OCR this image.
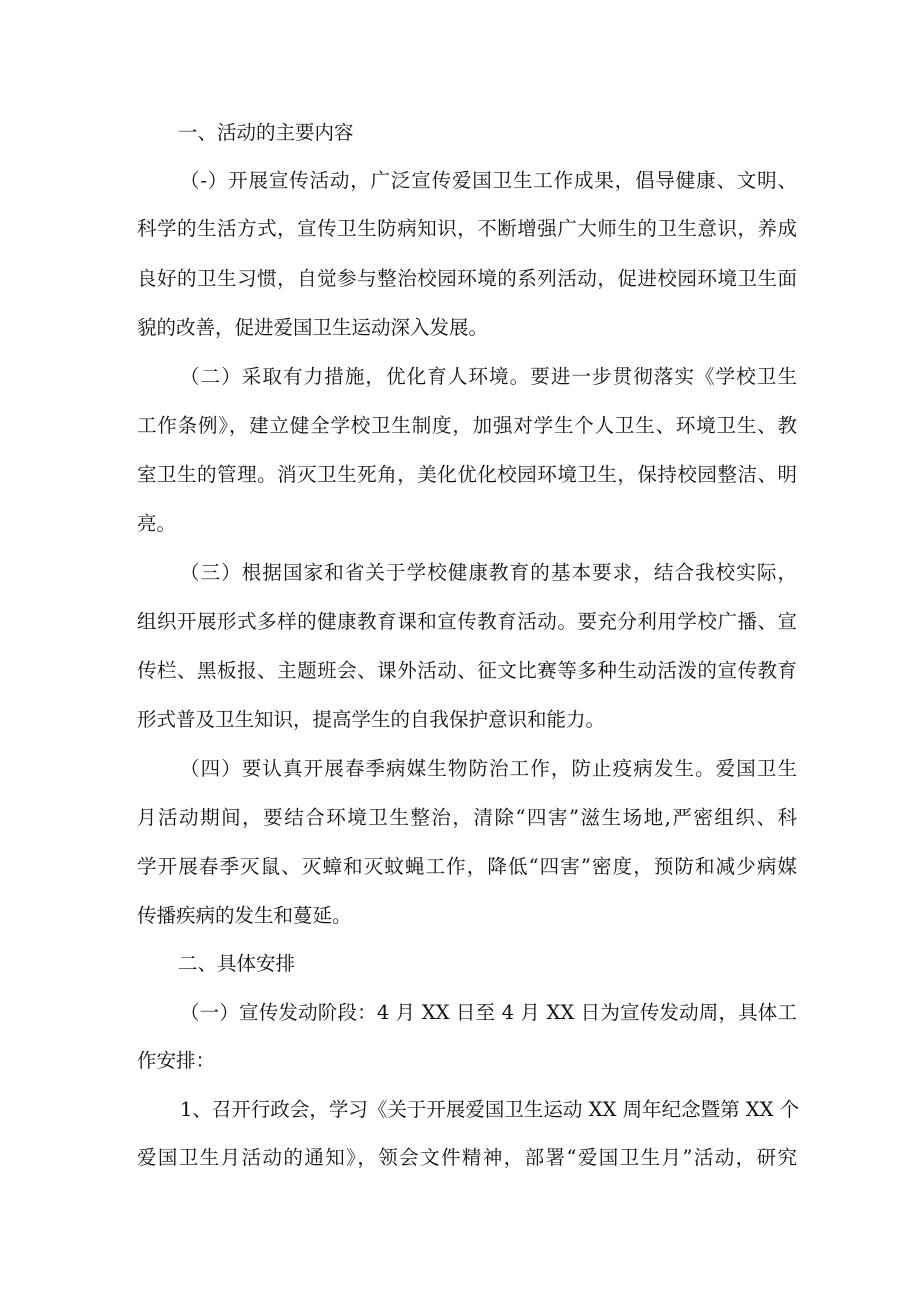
一、活动的主要内容
（-）开展宣传活动，广泛宣传爱国卫生工作成果，倡导健康、文明、
科学的生活方式，宣传卫生防病知识，不断增强广大师生的卫生意识，养成
良好的卫生习惯，自觉参与整治校园环境的系列活动，促进校园环境卫生面
貌的改善，促进爱国卫生运动深入发展。
（二）采取有力措施，优化育人环境。要进一步贯彻落实《学校卫生
工作条例》，建立健全学校卫生制度，加强对学生个人卫生、环境卫生、教
室卫生的管理。消灭卫生死角，美化优化校园环境卫生，保持校园整洁、明
亮。
（三）根据国家和省关于学校健康教育的基本要求，结合我校实际，
组织开展形式多样的健康教育课和宣传教育活动。要充分利用学校广播、宣
传栏、黑板报、主题班会、课外活动、征文比赛等多种生动活泼的宣传教育
形式普及卫生知识，提高学生的自我保护意识和能力。
（四）要认真开展春季病媒生物防治工作，防止疫病发生。爱国卫生
月活动期间，要结合环境卫生整治，清除“四害”滋生场地,严密组织、科
学开展春季灭鼠、灭蟑和灭蚊蝇工作，降低“四害”密度，预防和减少病媒
传播疾病的发生和蔓延。
二、具体安排
（一）宣传发动阶段：4 月 XX 日至 4 月 XX 日为宣传发动周，具体工
作安排：
1、召开行政会，学习《关于开展爱国卫生运动 XX 周年纪念暨第 XX 个
爱国卫生月活动的通知》，领会文件精神，部署“爱国卫生月”活动，研究
